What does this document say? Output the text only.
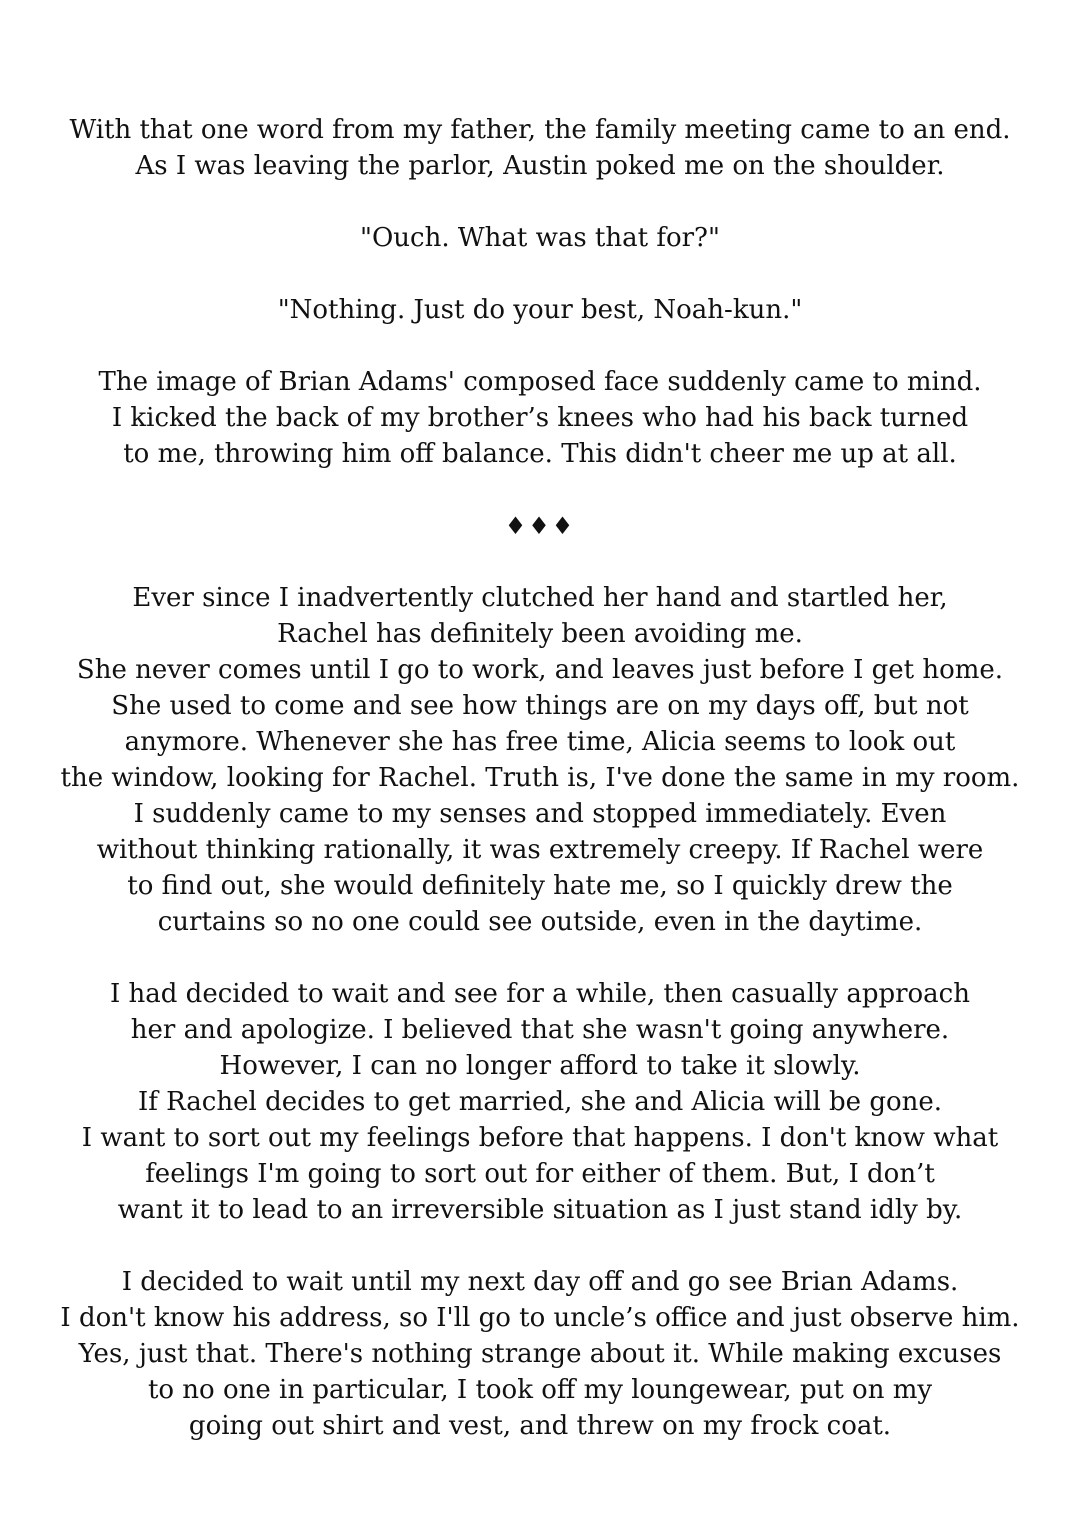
With that one word from my father, the family meeting came to an end.
As I was leaving the parlor, Austin poked me on the shoulder.
"Ouch. What was that for?"
"Nothing. Just do your best, Noah-kun."
The image of Brian Adams' composed face suddenly came to mind.
I kicked the back of my brother’s knees who had his back turned
to me, throwing him off balance. This didn't cheer me up at all.
♦♦♦
Ever since I inadvertently clutched her hand and startled her,
Rachel has definitely been avoiding me.
She never comes until I go to work, and leaves just before I get home.
She used to come and see how things are on my days off, but not
anymore. Whenever she has free time, Alicia seems to look out
the window, looking for Rachel. Truth is, I've done the same in my room.
I suddenly came to my senses and stopped immediately. Even
without thinking rationally, it was extremely creepy. If Rachel were
to find out, she would definitely hate me, so I quickly drew the
curtains so no one could see outside, even in the daytime.
I had decided to wait and see for a while, then casually approach
her and apologize. I believed that she wasn't going anywhere.
However, I can no longer afford to take it slowly.
If Rachel decides to get married, she and Alicia will be gone.
I want to sort out my feelings before that happens. I don't know what
feelings I'm going to sort out for either of them. But, I don’t
want it to lead to an irreversible situation as I just stand idly by.
I decided to wait until my next day off and go see Brian Adams.
I don't know his address, so I'll go to uncle’s office and just observe him.
Yes, just that. There's nothing strange about it. While making excuses
to no one in particular, I took off my loungewear, put on my
going out shirt and vest, and threw on my frock coat.
